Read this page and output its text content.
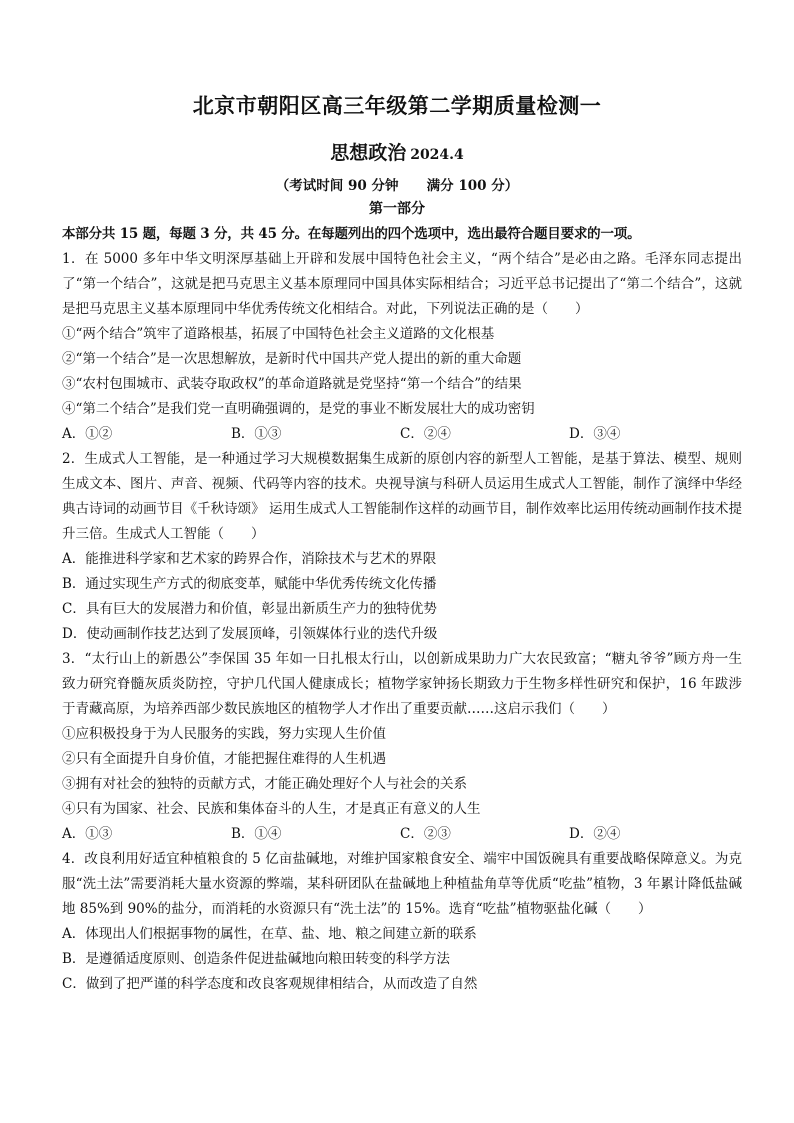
北京市朝阳区高三年级第二学期质量检测一
思想政治 2024.4
（考试时间 90 分钟      满分 100 分）
第一部分
本部分共 15 题，每题 3 分，共 45 分。在每题列出的四个选项中，选出最符合题目要求的一项。

1．在 5000 多年中华文明深厚基础上开辟和发展中国特色社会主义，“两个结合”是必由之路。毛泽东同志提出了“第一个结合”，这就是把马克思主义基本原理同中国具体实际相结合；习近平总书记提出了“第二个结合”，这就是把马克思主义基本原理同中华优秀传统文化相结合。对此，下列说法正确的是（　　）

①“两个结合”筑牢了道路根基，拓展了中国特色社会主义道路的文化根基

②“第一个结合”是一次思想解放，是新时代中国共产党人提出的新的重大命题

③“农村包围城市、武装夺取政权”的革命道路就是党坚持“第一个结合”的结果

④“第二个结合”是我们党一直明确强调的，是党的事业不断发展壮大的成功密钥

A．①②	B．①③	C．②④	D．③④

2．生成式人工智能，是一种通过学习大规模数据集生成新的原创内容的新型人工智能，是基于算法、模型、规则生成文本、图片、声音、视频、代码等内容的技术。央视导演与科研人员运用生成式人工智能，制作了演绎中华经典古诗词的动画节目《千秋诗颂》 运用生成式人工智能制作这样的动画节目，制作效率比运用传统动画制作技术提升三倍。生成式人工智能（　　）

A．能推进科学家和艺术家的跨界合作，消除技术与艺术的界限

B．通过实现生产方式的彻底变革，赋能中华优秀传统文化传播

C．具有巨大的发展潜力和价值，彰显出新质生产力的独特优势

D．使动画制作技艺达到了发展顶峰，引领媒体行业的迭代升级

3．“太行山上的新愚公”李保国 35 年如一日扎根太行山，以创新成果助力广大农民致富；“糖丸爷爷”顾方舟一生致力研究脊髓灰质炎防控，守护几代国人健康成长；植物学家钟扬长期致力于生物多样性研究和保护，16 年跋涉于青藏高原，为培养西部少数民族地区的植物学人才作出了重要贡献……这启示我们（　　）

①应积极投身于为人民服务的实践，努力实现人生价值

②只有全面提升自身价值，才能把握住难得的人生机遇

③拥有对社会的独特的贡献方式，才能正确处理好个人与社会的关系

④只有为国家、社会、民族和集体奋斗的人生，才是真正有意义的人生

A．①③	B．①④	C．②③	D．②④

4．改良利用好适宜种植粮食的 5 亿亩盐碱地，对维护国家粮食安全、端牢中国饭碗具有重要战略保障意义。为克服“洗土法”需要消耗大量水资源的弊端，某科研团队在盐碱地上种植盐角草等优质“吃盐”植物，3 年累计降低盐碱地 85%到 90%的盐分，而消耗的水资源只有“洗土法”的 15%。选育“吃盐”植物驱盐化碱（　　）

A．体现出人们根据事物的属性，在草、盐、地、粮之间建立新的联系

B．是遵循适度原则、创造条件促进盐碱地向粮田转变的科学方法

C．做到了把严谨的科学态度和改良客观规律相结合，从而改造了自然
